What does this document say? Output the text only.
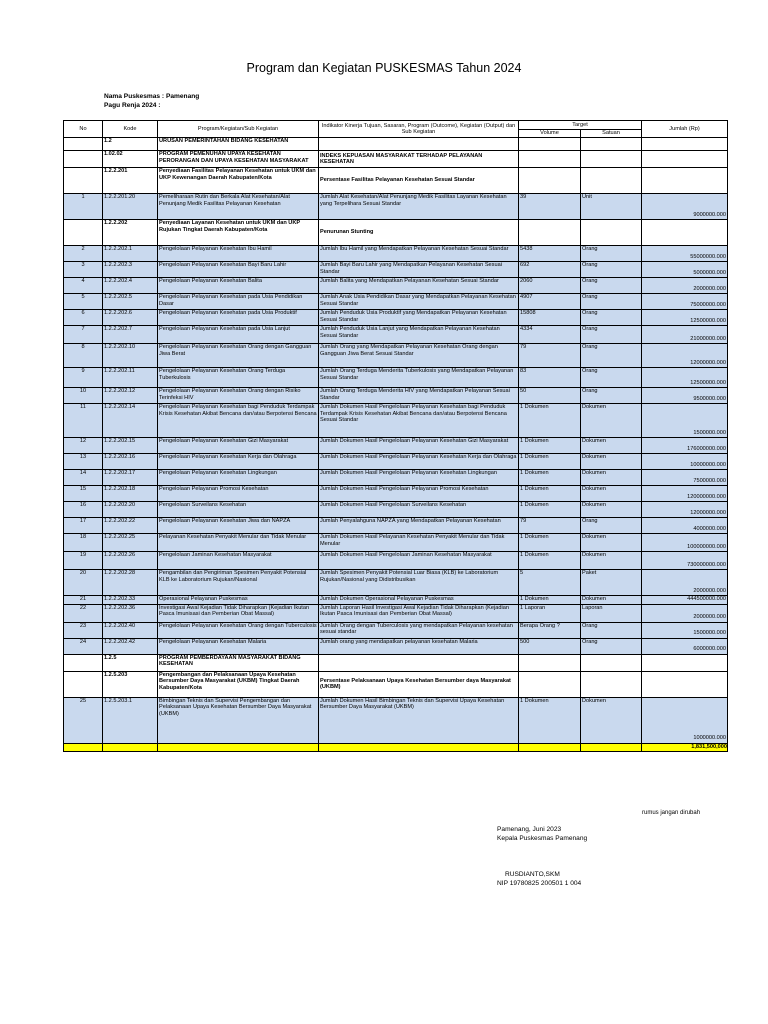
Program dan Kegiatan PUSKESMAS Tahun 2024
Nama Puskesmas : Pamenang
Pagu Renja 2024 :
No	Kode	Program/Kegiatan/Sub Kegiatan	Indikator Kinerja Tujuan, Sasaran, Program (Outcome), Kegiatan (Output) dan Sub Kegiatan	Target		Jumlah (Rp)
				Volume	Satuan	
	1.2	URUSAN PEMERINTAHAN BIDANG KESEHATAN				
	1.02.02	PROGRAM PEMENUHAN UPAYA KESEHATAN PERORANGAN DAN UPAYA KESEHATAN MASYARAKAT	INDEKS KEPUASAN MASYARAKAT TERHADAP PELAYANAN KESEHATAN			
	1.2.2.201	Penyediaan Fasilitas Pelayanan Kesehatan untuk UKM dan UKP Kewenangan Daerah Kabupaten/Kota	Persentase Fasilitas Pelayanan Kesehatan Sesuai Standar			
1	1.2.2.201.20	Pemeliharaan Rutin dan Berkala Alat Kesehatan/Alat Penunjang Medik Fasilitas Pelayanan Kesehatan	Jumlah Alat Kesehatan/Alat Penunjang Medik Fasilitas Layanan Kesehatan yang Terpelihara Sesuai Standar	39	Unit	9000000.000
	1.2.2.202	Penyediaan Layanan Kesehatan untuk UKM dan UKP Rujukan Tingkat Daerah Kabupaten/Kota	Penurunan Stunting			
2	1.2.2.202.1	Pengelolaan Pelayanan Kesehatan Ibu Hamil	Jumlah Ibu Hamil yang Mendapatkan Pelayanan Kesehatan Sesuai Standar	5438	Orang	55000000.000
3	1.2.2.202.3	Pengelolaan Pelayanan Kesehatan Bayi Baru Lahir	Jumlah Bayi Baru Lahir yang Mendapatkan Pelayanan Kesehatan Sesuai Standar	692	Orang	5000000.000
4	1.2.2.202.4	Pengelolaan Pelayanan Kesehatan Balita	Jumlah Balita yang Mendapatkan Pelayanan Kesehatan Sesuai Standar	2060	Orang	2000000.000
5	1.2.2.202.5	Pengelolaan Pelayanan Kesehatan pada Usia Pendidikan Dasar	Jumlah Anak Usia Pendidikan Dasar yang Mendapatkan Pelayanan Kesehatan Sesuai Standar	4907	Orang	75000000.000
6	1.2.2.202.6	Pengelolaan Pelayanan Kesehatan pada Usia Produktif	Jumlah Penduduk Usia Produktif yang Mendapatkan Pelayanan Kesehatan Sesuai Standar	15808	Orang	12500000.000
7	1.2.2.202.7	Pengelolaan Pelayanan Kesehatan pada Usia Lanjut	Jumlah Penduduk Usia Lanjut yang Mendapatkan Pelayanan Kesehatan Sesuai Standar	4334	Orang	21000000.000
8	1.2.2.202.10	Pengelolaan Pelayanan Kesehatan Orang dengan Gangguan Jiwa Berat	Jumlah Orang yang Mendapatkan Pelayanan Kesehatan Orang dengan Gangguan Jiwa Berat Sesuai Standar	79	Orang	12000000.000
9	1.2.2.202.11	Pengelolaan Pelayanan Kesehatan Orang Terduga Tuberkulosis	Jumlah Orang Terduga Menderita Tuberkulosis yang Mendapatkan Pelayanan Sesuai Standar	83	Orang	12500000.000
10	1.2.2.202.12	Pengelolaan Pelayanan Kesehatan Orang dengan Risiko Terinfeksi HIV	Jumlah Orang Terduga Menderita HIV yang Mendapatkan Pelayanan Sesuai Standar	50	Orang	9500000.000
11	1.2.2.202.14	Pengelolaan Pelayanan Kesehatan bagi Penduduk Terdampak Krisis Kesehatan Akibat Bencana dan/atau Berpotensi Bencana	Jumlah Dokumen Hasil Pengelolaan Pelayanan Kesehatan bagi Penduduk Terdampak Krisis Kesehatan Akibat Bencana dan/atau Berpotensi Bencana Sesuai Standar	1 Dokumen	Dokumen	1500000.000
12	1.2.2.202.15	Pengelolaan Pelayanan Kesehatan Gizi Masyarakat	Jumlah Dokumen Hasil Pengelolaan Pelayanan Kesehatan Gizi Masyarakat	1 Dokumen	Dokumen	176000000.000
13	1.2.2.202.16	Pengelolaan Pelayanan Kesehatan Kerja dan Olahraga	Jumlah Dokumen Hasil Pengelolaan Pelayanan Kesehatan Kerja dan Olahraga	1 Dokumen	Dokumen	10000000.000
14	1.2.2.202.17	Pengelolaan Pelayanan Kesehatan Lingkungan	Jumlah Dokumen Hasil Pengelolaan Pelayanan Kesehatan Lingkungan	1 Dokumen	Dokumen	7500000.000
15	1.2.2.202.18	Pengelolaan Pelayanan Promosi Kesehatan	Jumlah Dokumen Hasil Pengelolaan Pelayanan Promosi Kesehatan	1 Dokumen	Dokumen	120000000.000
16	1.2.2.202.20	Pengelolaan Surveilans Kesehatan	Jumlah Dokumen Hasil Pengelolaan Surveilans Kesehatan	1 Dokumen	Dokumen	12000000.000
17	1.2.2.202.22	Pengelolaan Pelayanan Kesehatan Jiwa dan NAPZA	Jumlah Penyalahguna NAPZA yang Mendapatkan Pelayanan Kesehatan	79	Orang	4000000.000
18	1.2.2.202.25	Pelayanan Kesehatan Penyakit Menular dan Tidak Menular	Jumlah Dokumen Hasil Pelayanan Kesehatan Penyakit Menular dan Tidak Menular	1 Dokumen	Dokumen	100000000.000
19	1.2.2.202.26	Pengelolaan Jaminan Kesehatan Masyarakat	Jumlah Dokumen Hasil Pengelolaan Jaminan Kesehatan Masyarakat	1 Dokumen	Dokumen	730000000.000
20	1.2.2.202.28	Pengambilan dan Pengiriman Spesimen Penyakit Potensial KLB ke Laboratorium Rujukan/Nasional	Jumlah Spesimen Penyakit Potensial Luar Biasa (KLB) ke Laboratorium Rujukan/Nasional yang Didistribusikan	5	Paket	2000000.000
21	1.2.2.202.33	Operasional Pelayanan Puskesmas	Jumlah Dokumen Operasional Pelayanan Puskesmas	1 Dokumen	Dokumen	444500000.000
22	1.2.2.202.36	Investigasi Awal Kejadian Tidak Diharapkan (Kejadian Ikutan Pasca Imunisasi dan Pemberian Obat Massal)	Jumlah Laporan Hasil Investigasi Awal Kejadian Tidak Diharapkan (Kejadian Ikutan Pasca Imunisasi dan Pemberian Obat Massal)	1 Laporan	Laporan	2000000.000
23	1.2.2.202.40	Pengelolaan Pelayanan Kesehatan Orang dengan Tuberculosis	Jumlah Orang dengan Tuberculosis yang mendapatkan Pelayanan kesehatan sesuai standar	Berapa Orang ?	Orang	1500000.000
24	1.2.2.202.42	Pengelolaan Pelayanan Kesehatan Malaria	Jumlah orang yang mendapatkan pelayanan kesehatan Malaria	500	Orang	6000000.000
	1.2.5	PROGRAM PEMBERDAYAAN MASYARAKAT BIDANG KESEHATAN				
	1.2.5.203	Pengembangan dan Pelaksanaan Upaya Kesehatan Bersumber Daya Masyarakat (UKBM) Tingkat Daerah Kabupaten/Kota	Persentase Pelaksanaan Upaya Kesehatan Bersumber daya Masyarakat (UKBM)			
25	1.2.5.203.1	Bimbingan Teknis dan Supervisi Pengembangan dan Pelaksanaan Upaya Kesehatan Bersumber Daya Masyarakat (UKBM)	Jumlah Dokumen Hasil Bimbingan Teknis dan Supervisi Upaya Kesehatan Bersumber Daya Masyarakat (UKBM)	1 Dokumen	Dokumen	1000000.000
						1,831,500,000
rumus jangan dirubah
Pamenang, Juni 2023
Kepala Puskesmas Pamenang
RUSDIANTO,SKM
NIP 19780825 200501 1 004
